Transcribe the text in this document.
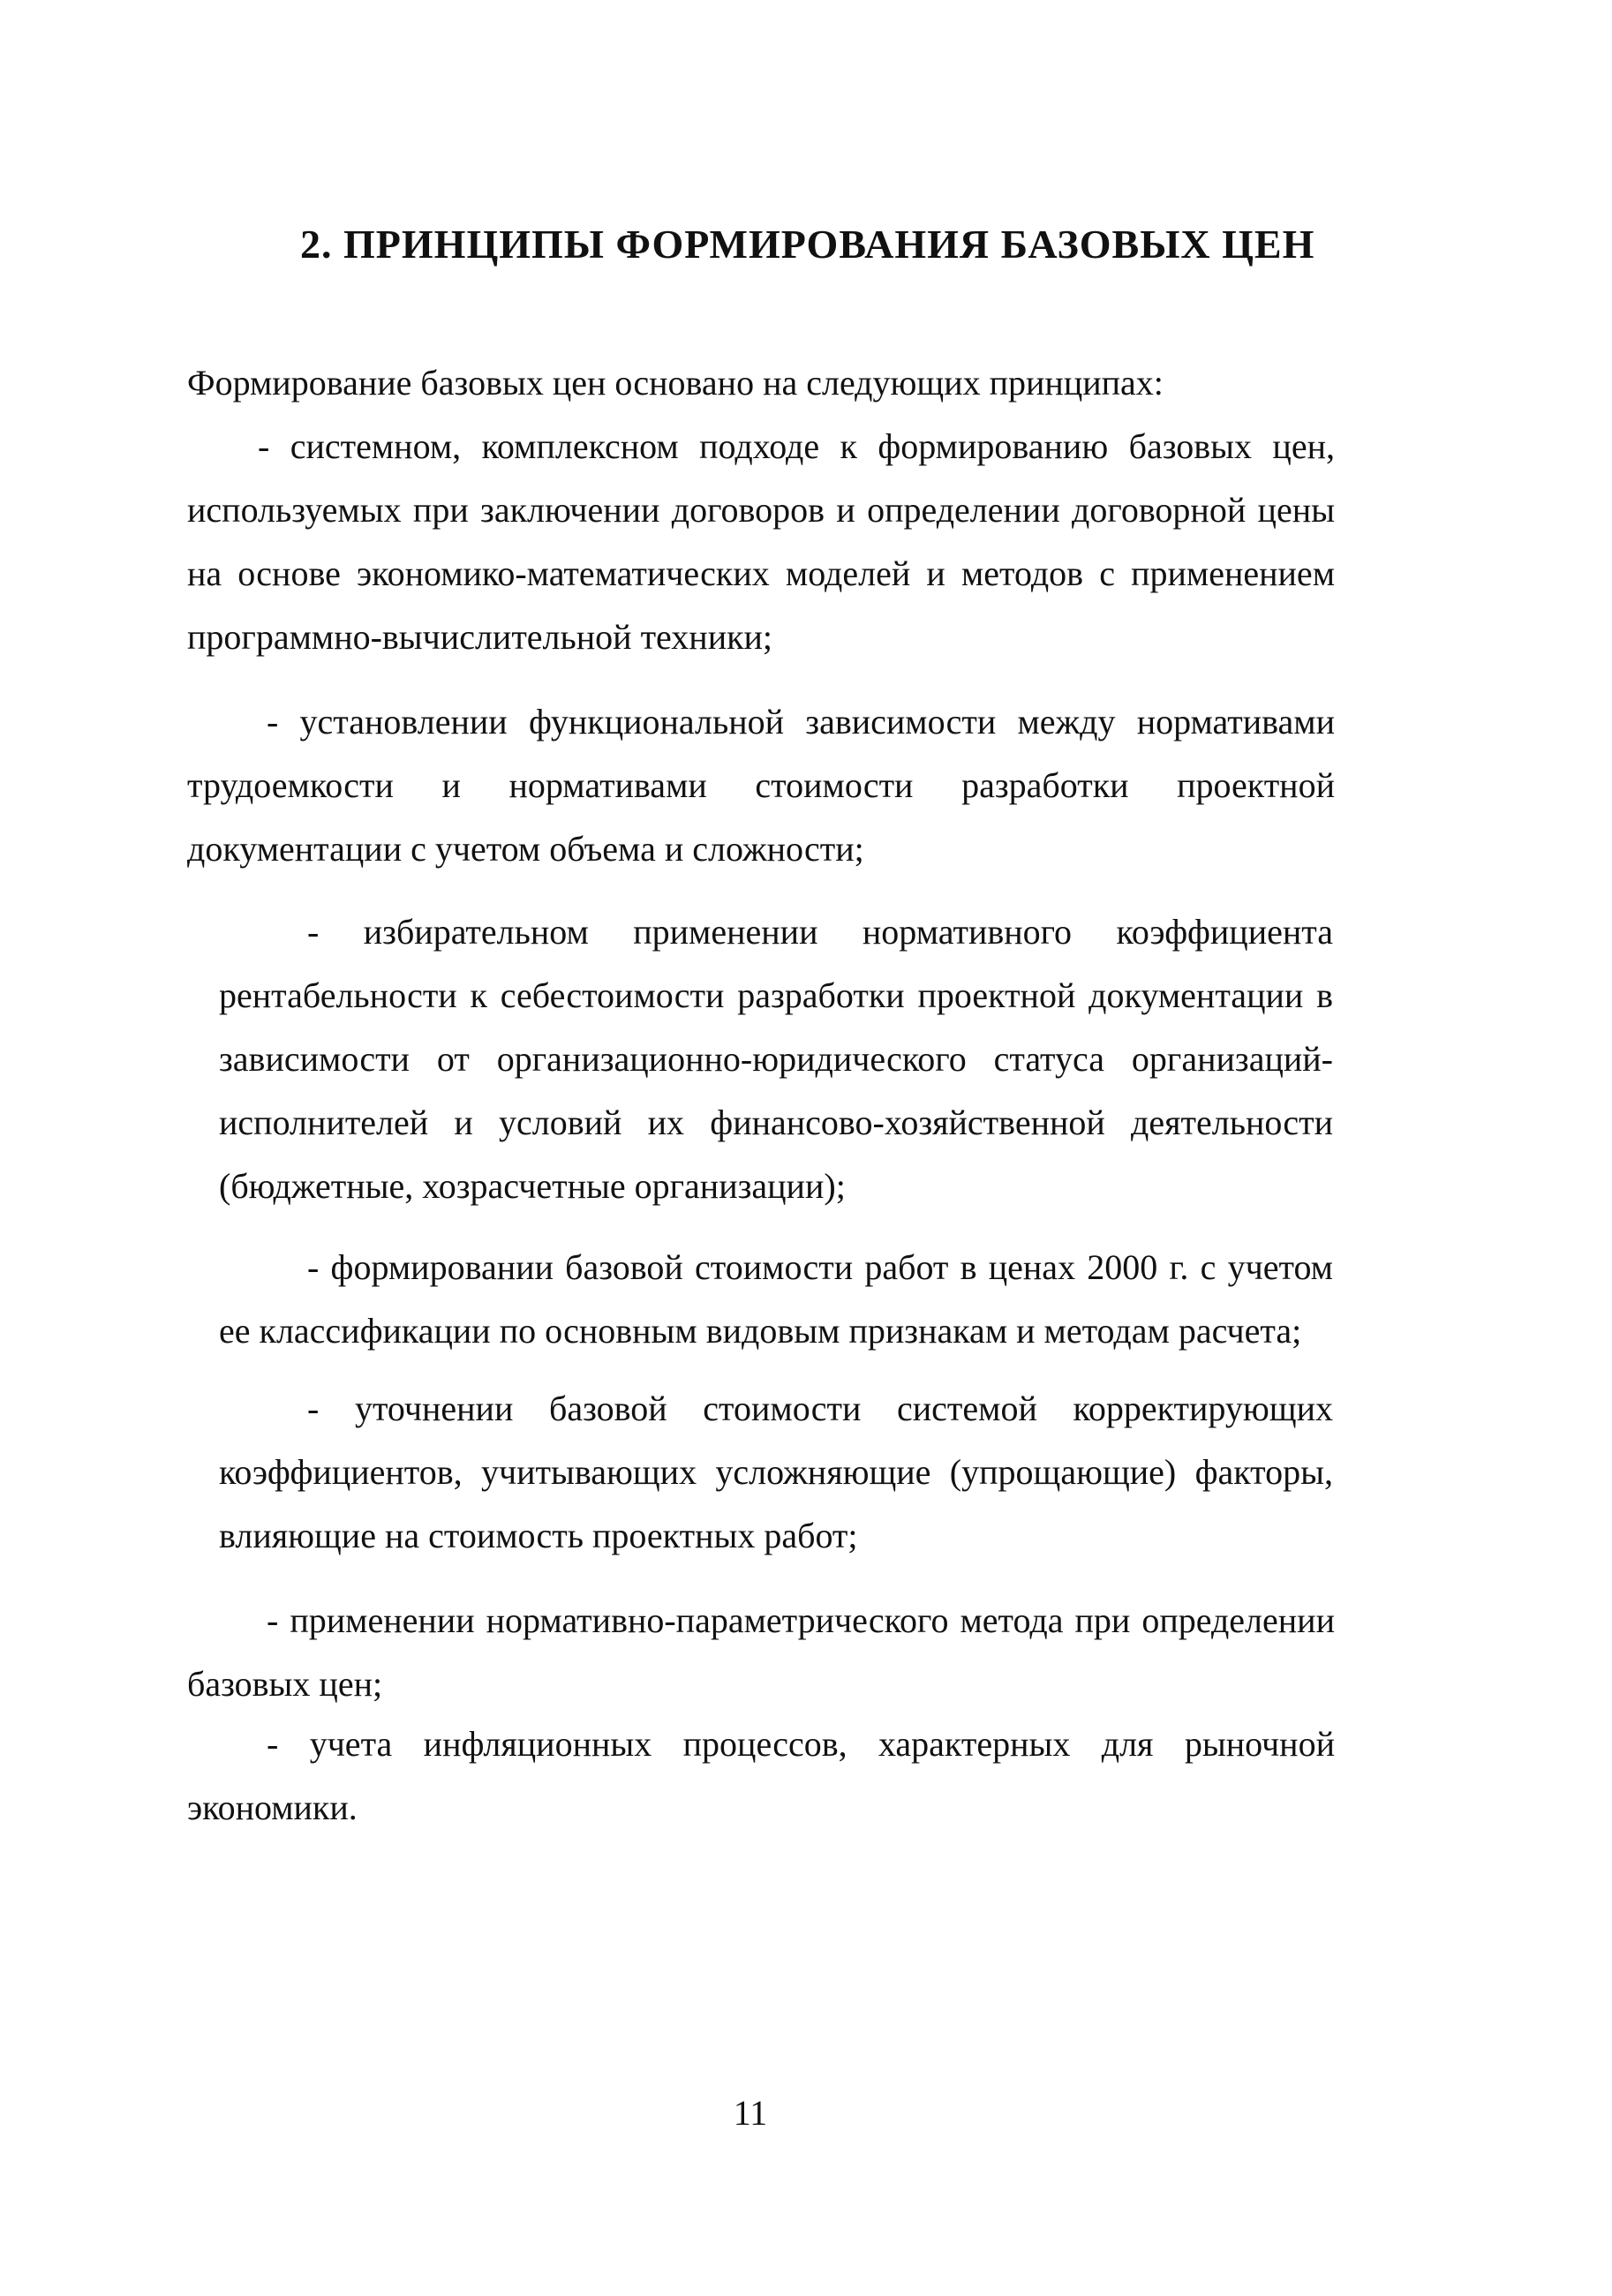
2. ПРИНЦИПЫ ФОРМИРОВАНИЯ БАЗОВЫХ ЦЕН

Формирование базовых цен основано на следующих принципах:

- системном, комплексном подходе к формированию базовых цен, используемых при заключении договоров и определении договорной цены на основе экономико-математических моделей и методов с применением программно-вычислительной техники;

- установлении функциональной зависимости между нормативами трудоемкости и нормативами стоимости разработки проектной документации с учетом объема и сложности;

- избирательном применении нормативного коэффициента рентабельности к себестоимости разработки проектной документации в зависимости от организационно-юридического статуса организаций-исполнителей и условий их финансово-хозяйственной деятельности (бюджетные, хозрасчетные организации);

- формировании базовой стоимости работ в ценах 2000 г. с учетом ее классификации по основным видовым признакам и методам расчета;

- уточнении базовой стоимости системой корректирующих коэффициентов, учитывающих усложняющие (упрощающие) факторы, влияющие на стоимость проектных работ;

- применении нормативно-параметрического метода при определении базовых цен;

- учета инфляционных процессов, характерных для рыночной экономики.

11
